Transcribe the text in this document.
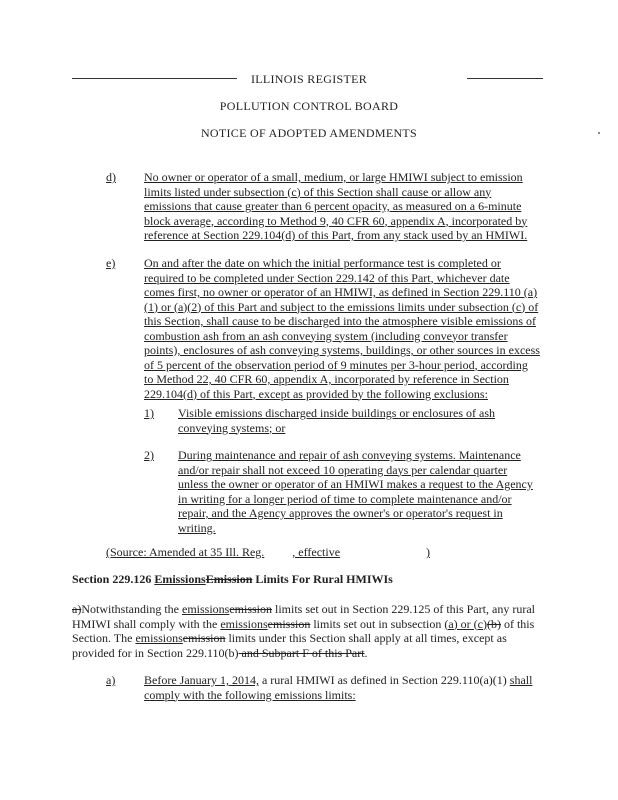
ILLINOIS REGISTER
POLLUTION CONTROL BOARD
NOTICE OF ADOPTED AMENDMENTS
d) No owner or operator of a small, medium, or large HMIWI subject to emission limits listed under subsection (c) of this Section shall cause or allow any emissions that cause greater than 6 percent opacity, as measured on a 6-minute block average, according to Method 9, 40 CFR 60, appendix A, incorporated by reference at Section 229.104(d) of this Part, from any stack used by an HMIWI.
e) On and after the date on which the initial performance test is completed or required to be completed under Section 229.142 of this Part, whichever date comes first, no owner or operator of an HMIWI, as defined in Section 229.110 (a)(1) or (a)(2) of this Part and subject to the emissions limits under subsection (c) of this Section, shall cause to be discharged into the atmosphere visible emissions of combustion ash from an ash conveying system (including conveyor transfer points), enclosures of ash conveying systems, buildings, or other sources in excess of 5 percent of the observation period of 9 minutes per 3-hour period, according to Method 22, 40 CFR 60, appendix A, incorporated by reference in Section 229.104(d) of this Part, except as provided by the following exclusions:
1) Visible emissions discharged inside buildings or enclosures of ash conveying systems; or
2) During maintenance and repair of ash conveying systems. Maintenance and/or repair shall not exceed 10 operating days per calendar quarter unless the owner or operator of an HMIWI makes a request to the Agency in writing for a longer period of time to complete maintenance and/or repair, and the Agency approves the owner's or operator's request in writing.
(Source: Amended at 35 Ill. Reg. , effective	)
Section 229.126 EmissionsEmission Limits For Rural HMIWIs
a)Notwithstanding the emissionsemission limits set out in Section 229.125 of this Part, any rural HMIWI shall comply with the emissionsemission limits set out in subsection (a) or (c)(b) of this Section. The emissionsemission limits under this Section shall apply at all times, except as provided for in Section 229.110(b) and Subpart F of this Part.
a) Before January 1, 2014, a rural HMIWI as defined in Section 229.110(a)(1) shall comply with the following emissions limits:
